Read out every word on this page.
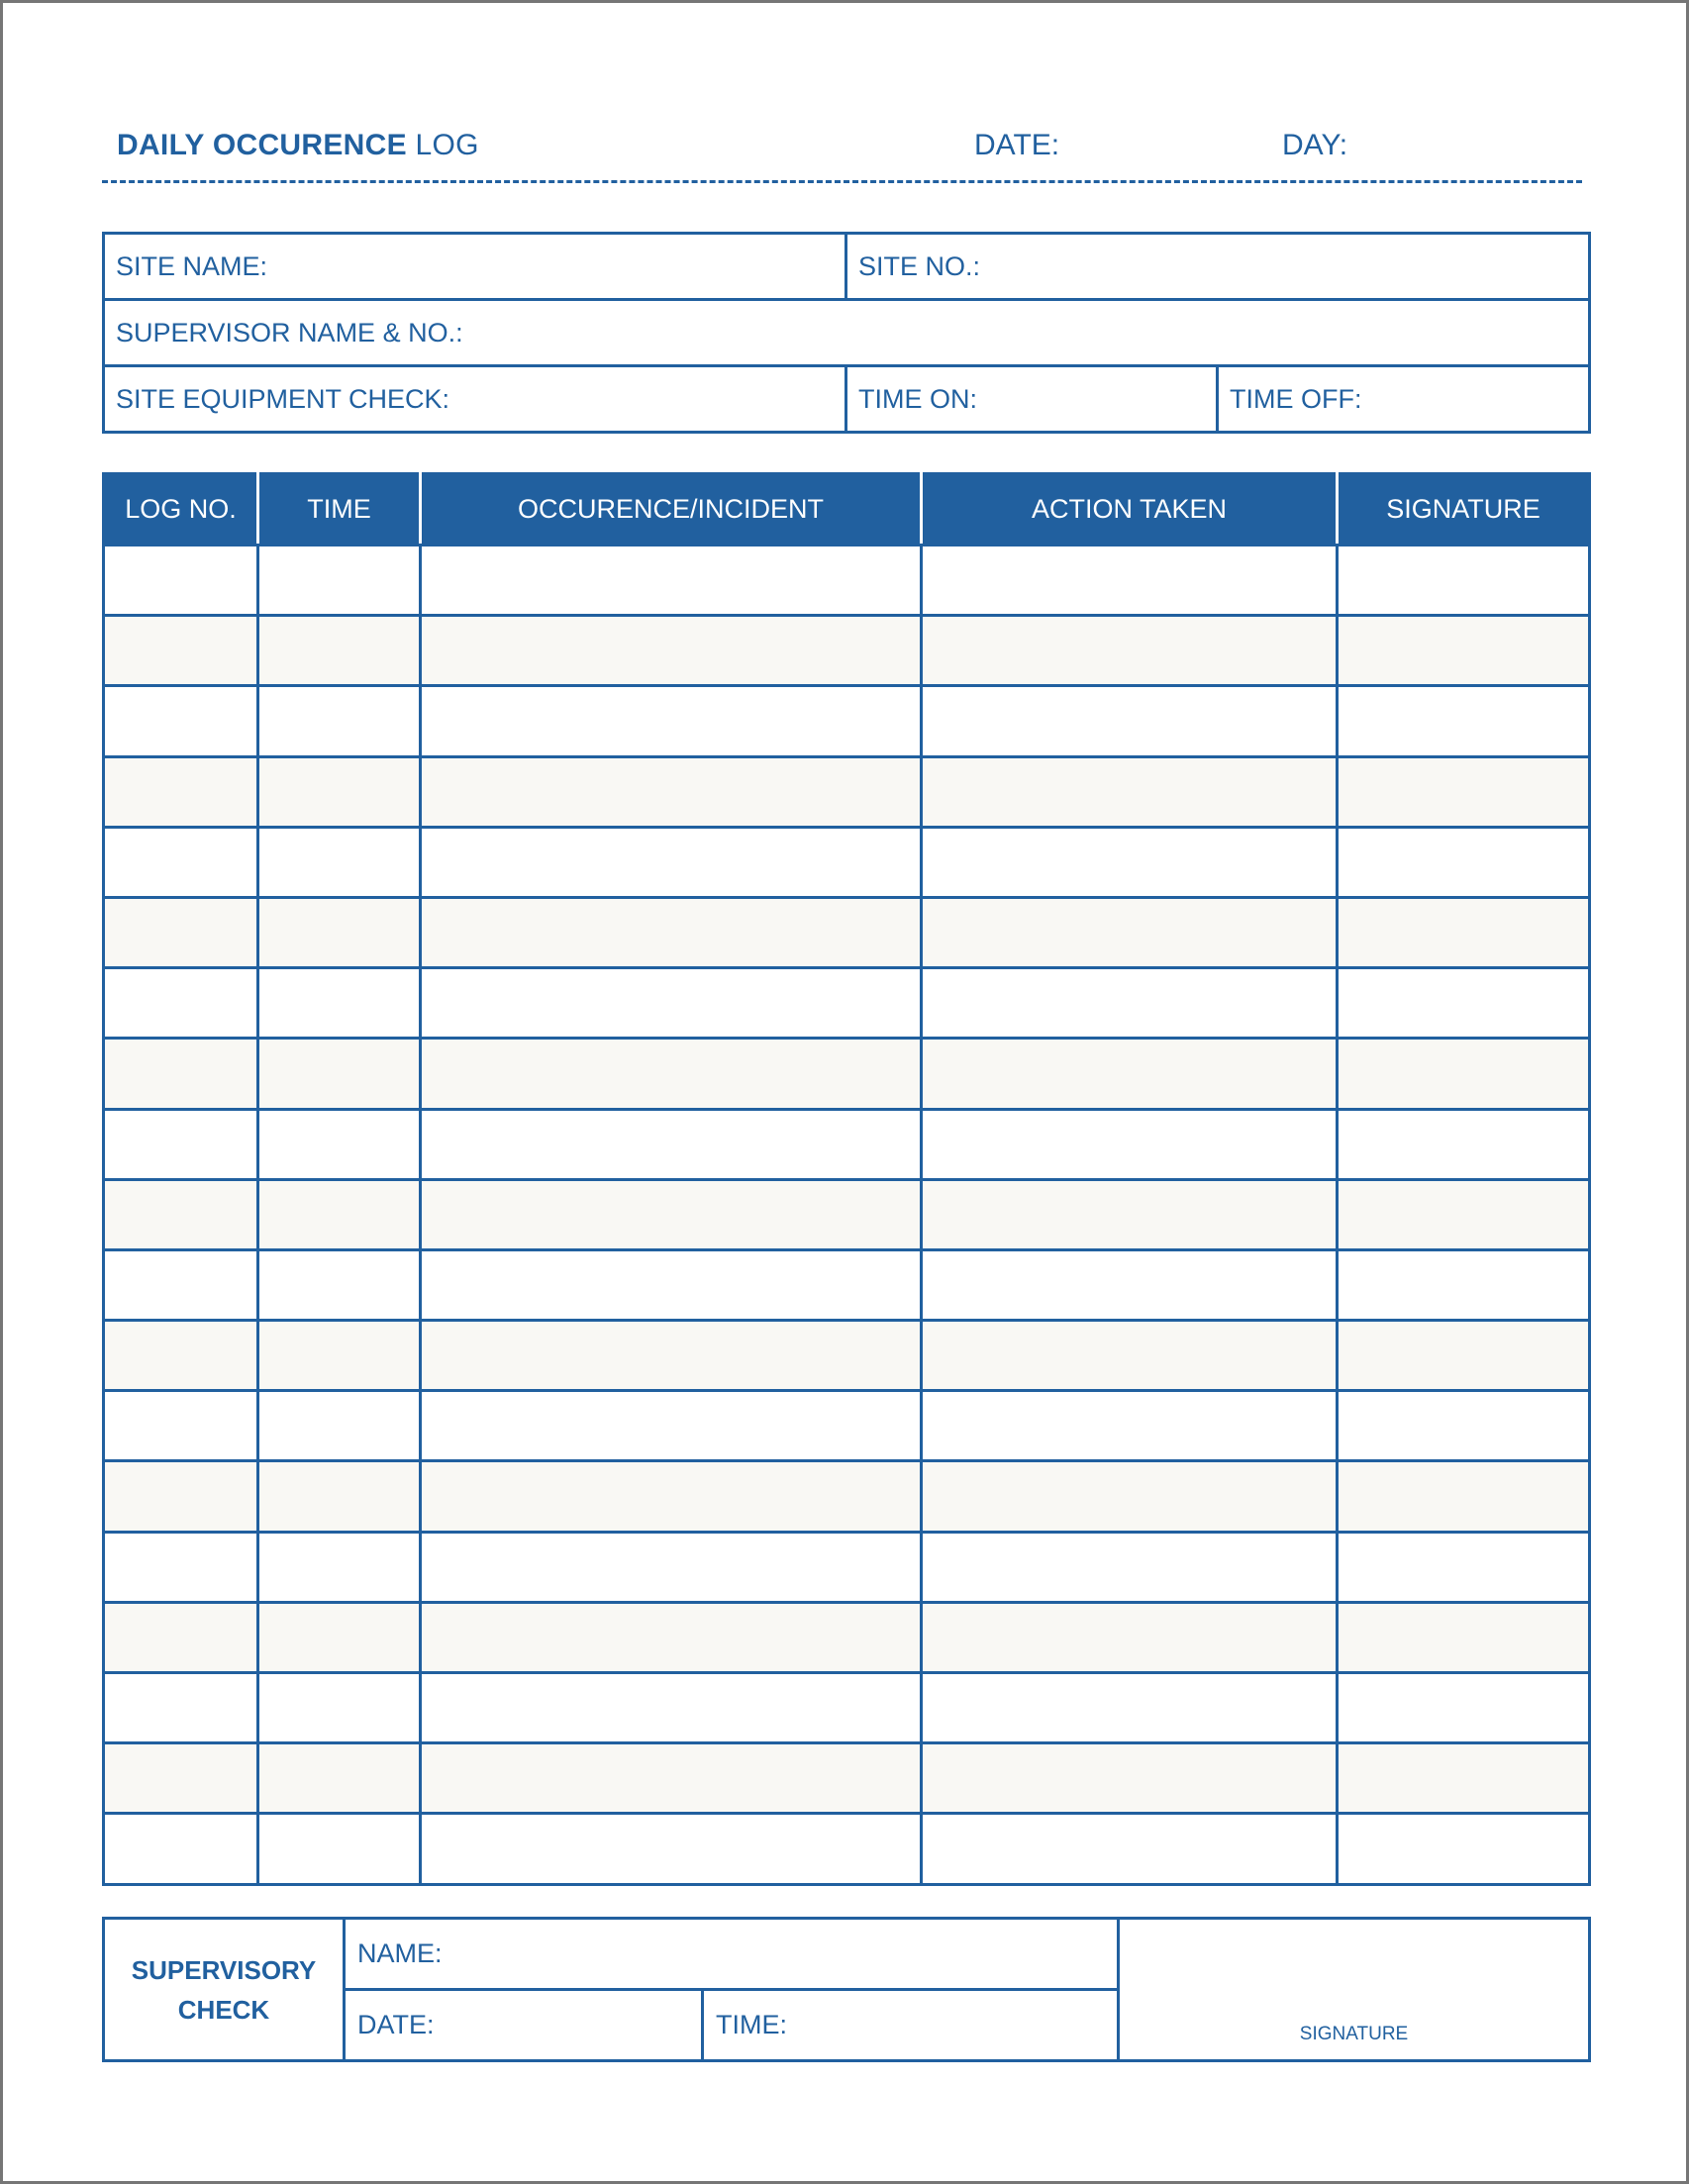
DAILY OCCURENCE LOG	DATE:	DAY:
SITE NAME:	SITE NO.:	
SUPERVISOR NAME & NO.:		
SITE EQUIPMENT CHECK:	TIME ON:	TIME OFF:
LOG NO.	TIME	OCCURENCE/INCIDENT	ACTION TAKEN	SIGNATURE

SUPERVISORY
CHECK	NAME:		SIGNATURE
	DATE:	TIME:	
